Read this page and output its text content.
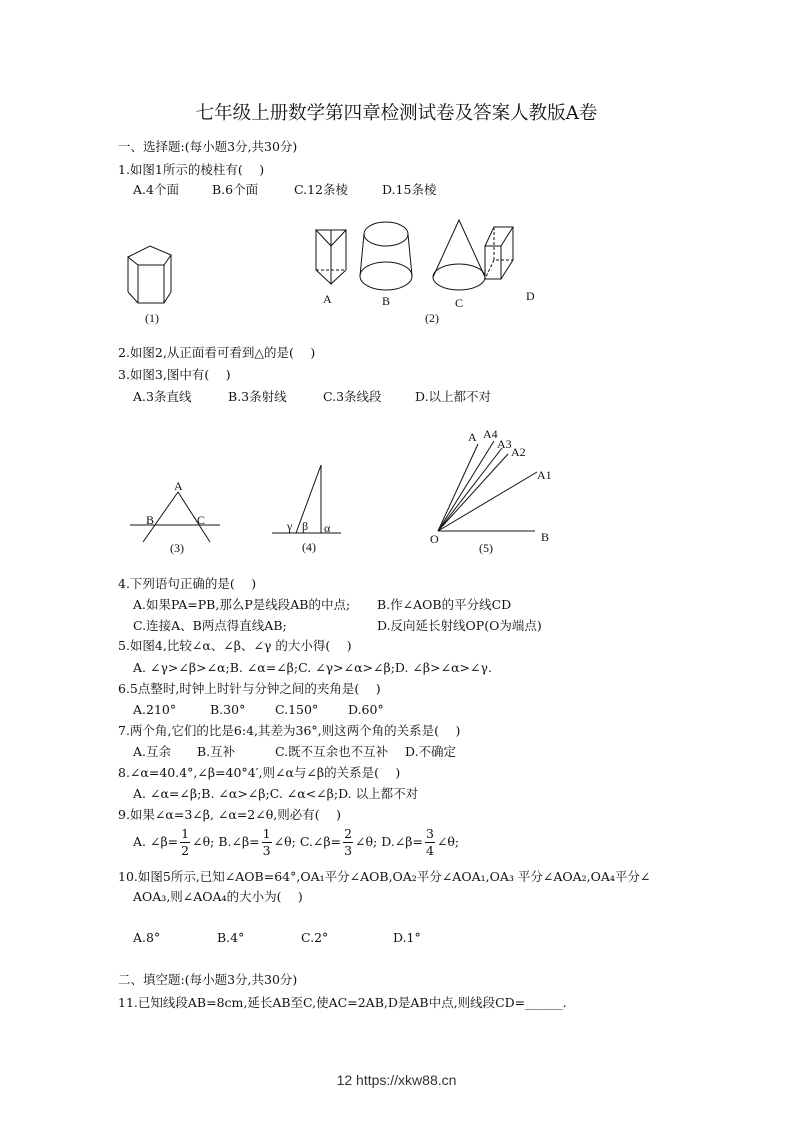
七年级上册数学第四章检测试卷及答案人教版A卷
一、选择题:(每小题3分,共30分)
1.如图1所示的棱柱有(　 )
A.4个面	B.6个面	C.12条棱	D.15条棱
(1)
A	B	C	D
(2)
A
B	C
(3)
γ β α
(4)
A A4
A3
A2
A1
O	B
(5)
2.如图2,从正面看可看到△的是(　 )
3.如图3,图中有(　 )
A.3条直线	B.3条射线	C.3条线段	D.以上都不对
4.下列语句正确的是(　 )
A.如果PA=PB,那么P是线段AB的中点; B.作∠AOB的平分线CD
C.连接A、B两点得直线AB;	D.反向延长射线OP(O为端点)
5.如图4,比较∠α、∠β、∠γ 的大小得(　 )
A. ∠γ>∠β>∠α;B. ∠α=∠β;C. ∠γ>∠α>∠β;D. ∠β>∠α>∠γ.
6.5点整时,时钟上时针与分钟之间的夹角是(　 )
A.210°	B.30° C.150° D.60°
7.两个角,它们的比是6:4,其差为36°,则这两个角的关系是(　 )
A.互余 B.互补	C.既不互余也不互补 D.不确定
8.∠α=40.4°,∠β=40°4′,则∠α与∠β的关系是(　 )
A. ∠α=∠β;B. ∠α>∠β;C. ∠α<∠β;D. 以上都不对
9.如果∠α=3∠β, ∠α=2∠θ,则必有(　 )
A. ∠β= $\frac{1}{2}$ ∠θ; B.∠β= $\frac{1}{3}$ ∠θ; C.∠β= $\frac{2}{3}$ ∠θ; D.∠β= $\frac{3}{4}$ ∠θ;
10.如图5所示,已知∠AOB=64°,OA₁平分∠AOB,OA₂平分∠AOA₁,OA₃ 平分∠AOA₂,OA₄平分∠
AOA₃,则∠AOA₄的大小为(　 )
A.8°	B.4°	C.2°	D.1°
二、填空题:(每小题3分,共30分)
11.已知线段AB=8cm,延长AB至C,使AC=2AB,D是AB中点,则线段CD=______.
12 https://xkw88.cn
